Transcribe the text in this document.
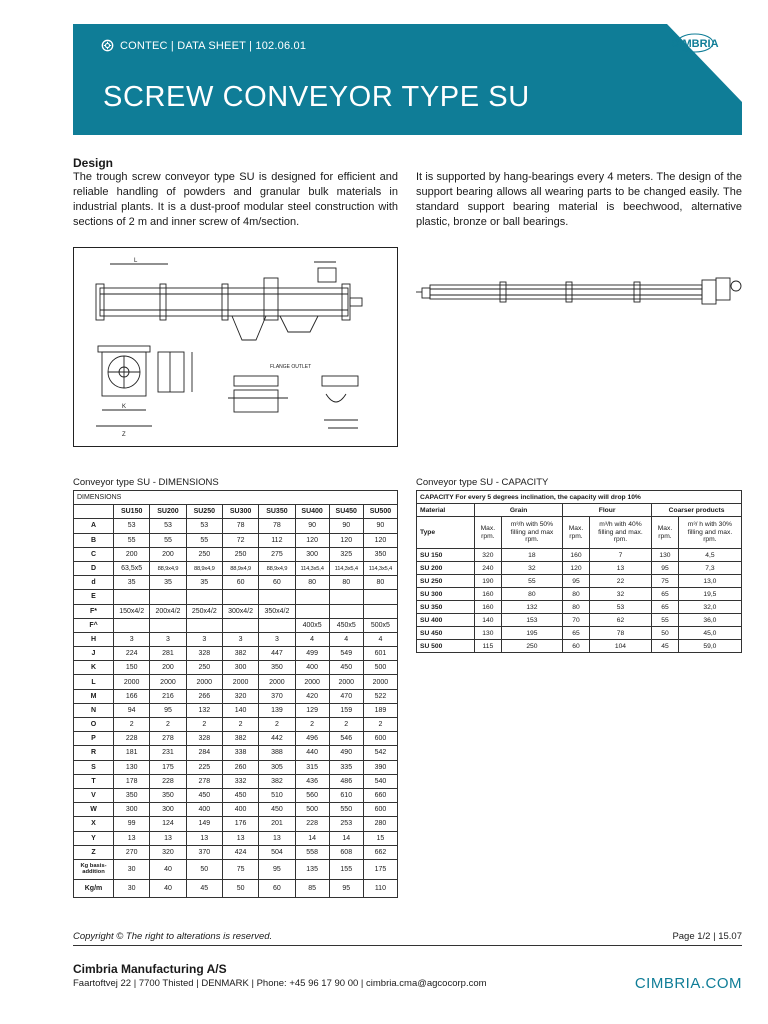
CONTEC | DATA SHEET | 102.06.01
SCREW CONVEYOR TYPE SU
CIMBRIA
Design

The trough screw conveyor type SU is designed for efficient and reliable handling of powders and granular bulk materials in industrial plants. It is a dust-proof modular steel construction with sections of 2 m and inner screw of 4m/section.

It is supported by hang-bearings every 4 meters. The design of the support bearing allows all wearing parts to be changed easily. The standard support bearing material is beechwood, alternative plastic, bronze or ball bearings.

L
Z
K
FLANGE OUTLET
Conveyor type SU - DIMENSIONS	Conveyor type SU - CAPACITY
DIMENSIONS								
	SU150	SU200	SU250	SU300	SU350	SU400	SU450	SU500
A	53	53	53	78	78	90	90	90
B	55	55	55	72	112	120	120	120
C	200	200	250	250	275	300	325	350
D	63,5x5	88,9x4,9	88,9x4,9	88,9x4,9	88,9x4,9	114,3x5,4	114,3x5,4	114,3x5,4
d	35	35	35	60	60	80	80	80
E								
F*	150x4/2	200x4/2	250x4/2	300x4/2	350x4/2			
F^						400x5	450x5	500x5
H	3	3	3	3	3	4	4	4
J	224	281	328	382	447	499	549	601
K	150	200	250	300	350	400	450	500
L	2000	2000	2000	2000	2000	2000	2000	2000
M	166	216	266	320	370	420	470	522
N	94	95	132	140	139	129	159	189
O	2	2	2	2	2	2	2	2
P	228	278	328	382	442	496	546	600
R	181	231	284	338	388	440	490	542
S	130	175	225	260	305	315	335	390
T	178	228	278	332	382	436	486	540
V	350	350	450	450	510	560	610	660
W	300	300	400	400	450	500	550	600
X	99	124	149	176	201	228	253	280
Y	13	13	13	13	13	14	14	15
Z	270	320	370	424	504	558	608	662
Kg basis-addition	30	40	50	75	95	135	155	175
Kg/m	30	40	45	50	60	85	95	110
CAPACITY For every 5 degrees inclination, the capacity will drop 10%						
Material	Grain		Flour		Coarser products	
Type	Max. rpm.	m³/h with 50% filling and max rpm.	Max. rpm.	m³/h with 40% filling and max. rpm.	Max. rpm.	m³/ h with 30% filling and max. rpm.
SU 150	320	18	160	7	130	4,5
SU 200	240	32	120	13	95	7,3
SU 250	190	55	95	22	75	13,0
SU 300	160	80	80	32	65	19,5
SU 350	160	132	80	53	65	32,0
SU 400	140	153	70	62	55	36,0
SU 450	130	195	65	78	50	45,0
SU 500	115	250	60	104	45	59,0
Copyright © The right to alterations is reserved.	Page 1/2 | 15.07
Cimbria Manufacturing A/S
Faartoftvej 22 | 7700 Thisted | DENMARK | Phone: +45 96 17 90 00 | cimbria.cma@agcocorp.com	CIMBRIA.COM
